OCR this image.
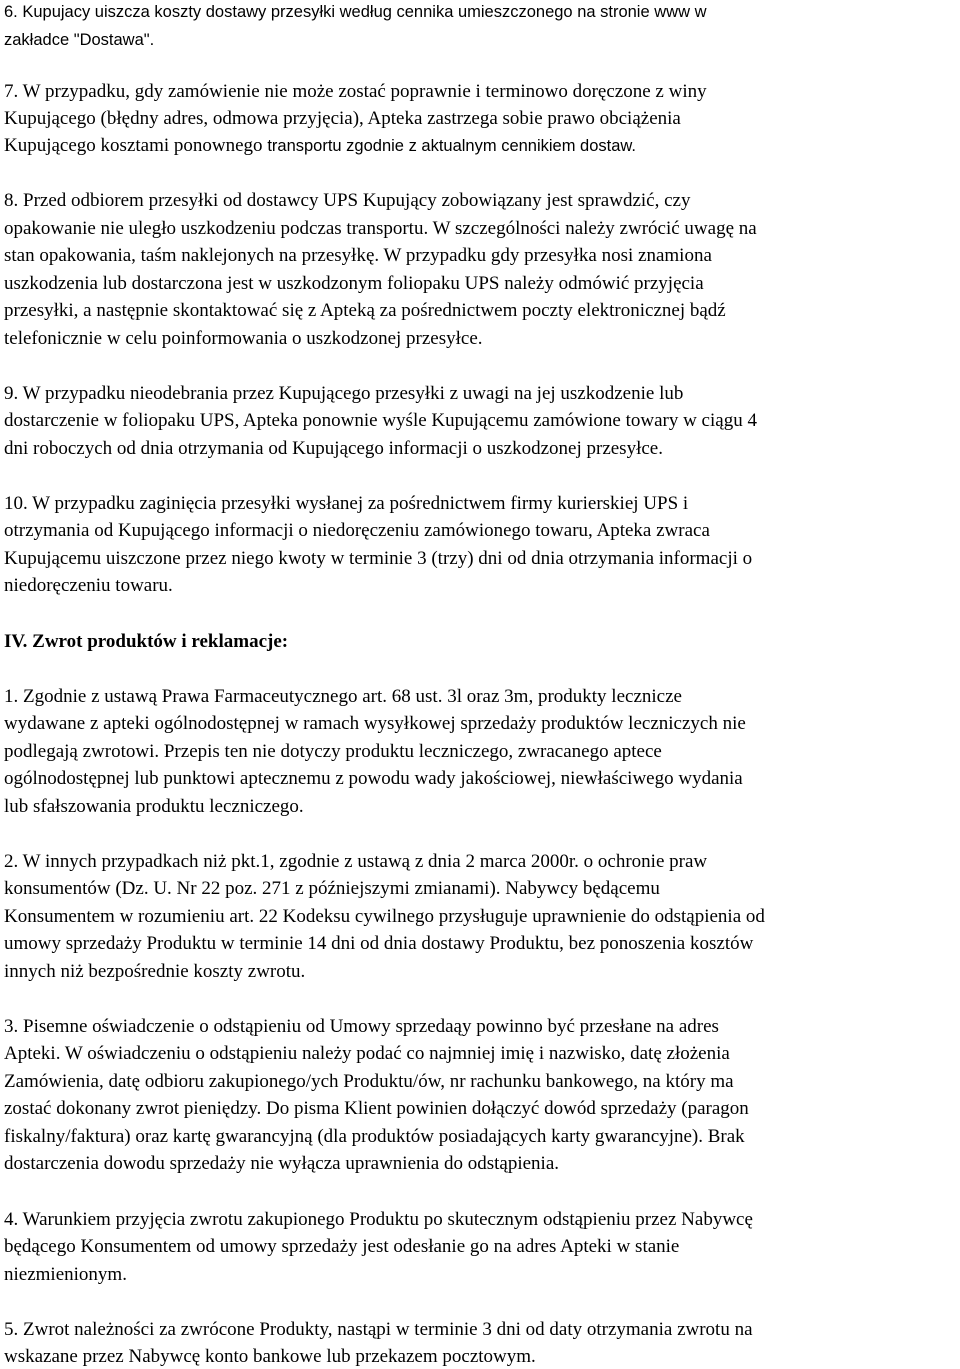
6. Kupujacy uiszcza koszty dostawy przesyłki według cennika umieszczonego na stronie www w
zakładce "Dostawa".
7. W przypadku, gdy zamówienie nie może zostać poprawnie i terminowo doręczone z winy
Kupującego (błędny adres, odmowa przyjęcia), Apteka zastrzega sobie prawo obciążenia
Kupującego kosztami ponownego transportu zgodnie z aktualnym cennikiem dostaw.
8. Przed odbiorem przesyłki od dostawcy UPS Kupujący zobowiązany jest sprawdzić, czy
opakowanie nie uległo uszkodzeniu podczas transportu. W szczególności należy zwrócić uwagę na
stan opakowania, taśm naklejonych na przesyłkę. W przypadku gdy przesyłka nosi znamiona
uszkodzenia lub dostarczona jest w uszkodzonym foliopaku UPS należy odmówić przyjęcia
przesyłki, a następnie skontaktować się z Apteką za pośrednictwem poczty elektronicznej bądź
telefonicznie w celu poinformowania o uszkodzonej przesyłce.
9. W przypadku nieodebrania przez Kupującego przesyłki z uwagi na jej uszkodzenie lub
dostarczenie w foliopaku UPS, Apteka ponownie wyśle Kupującemu zamówione towary w ciągu 4
dni roboczych od dnia otrzymania od Kupującego informacji o uszkodzonej przesyłce.
10. W przypadku zaginięcia przesyłki wysłanej za pośrednictwem firmy kurierskiej UPS i
otrzymania od Kupującego informacji o niedoręczeniu zamówionego towaru, Apteka zwraca
Kupującemu uiszczone przez niego kwoty w terminie 3 (trzy) dni od dnia otrzymania informacji o
niedoręczeniu towaru.
IV. Zwrot produktów i reklamacje:
1. Zgodnie z ustawą Prawa Farmaceutycznego art. 68 ust. 3l oraz 3m, produkty lecznicze
wydawane z apteki ogólnodostępnej w ramach wysyłkowej sprzedaży produktów leczniczych nie
podlegają zwrotowi. Przepis ten nie dotyczy produktu leczniczego, zwracanego aptece
ogólnodostępnej lub punktowi aptecznemu z powodu wady jakościowej, niewłaściwego wydania
lub sfałszowania produktu leczniczego.
2. W innych przypadkach niż pkt.1, zgodnie z ustawą z dnia 2 marca 2000r. o ochronie praw
konsumentów (Dz. U. Nr 22 poz. 271 z późniejszymi zmianami). Nabywcy będącemu
Konsumentem w rozumieniu art. 22 Kodeksu cywilnego przysługuje uprawnienie do odstąpienia od
umowy sprzedaży Produktu w terminie 14 dni od dnia dostawy Produktu, bez ponoszenia kosztów
innych niż bezpośrednie koszty zwrotu.
3. Pisemne oświadczenie o odstąpieniu od Umowy sprzedaąy powinno być przesłane na adres
Apteki. W oświadczeniu o odstąpieniu należy podać co najmniej imię i nazwisko, datę złożenia
Zamówienia, datę odbioru zakupionego/ych Produktu/ów, nr rachunku bankowego, na który ma
zostać dokonany zwrot pieniędzy. Do pisma Klient powinien dołączyć dowód sprzedaży (paragon
fiskalny/faktura) oraz kartę gwarancyjną (dla produktów posiadających karty gwarancyjne). Brak
dostarczenia dowodu sprzedaży nie wyłącza uprawnienia do odstąpienia.
4. Warunkiem przyjęcia zwrotu zakupionego Produktu po skutecznym odstąpieniu przez Nabywcę
będącego Konsumentem od umowy sprzedaży jest odesłanie go na adres Apteki w stanie
niezmienionym.
5. Zwrot należności za zwrócone Produkty, nastąpi w terminie 3 dni od daty otrzymania zwrotu na
wskazane przez Nabywcę konto bankowe lub przekazem pocztowym.
